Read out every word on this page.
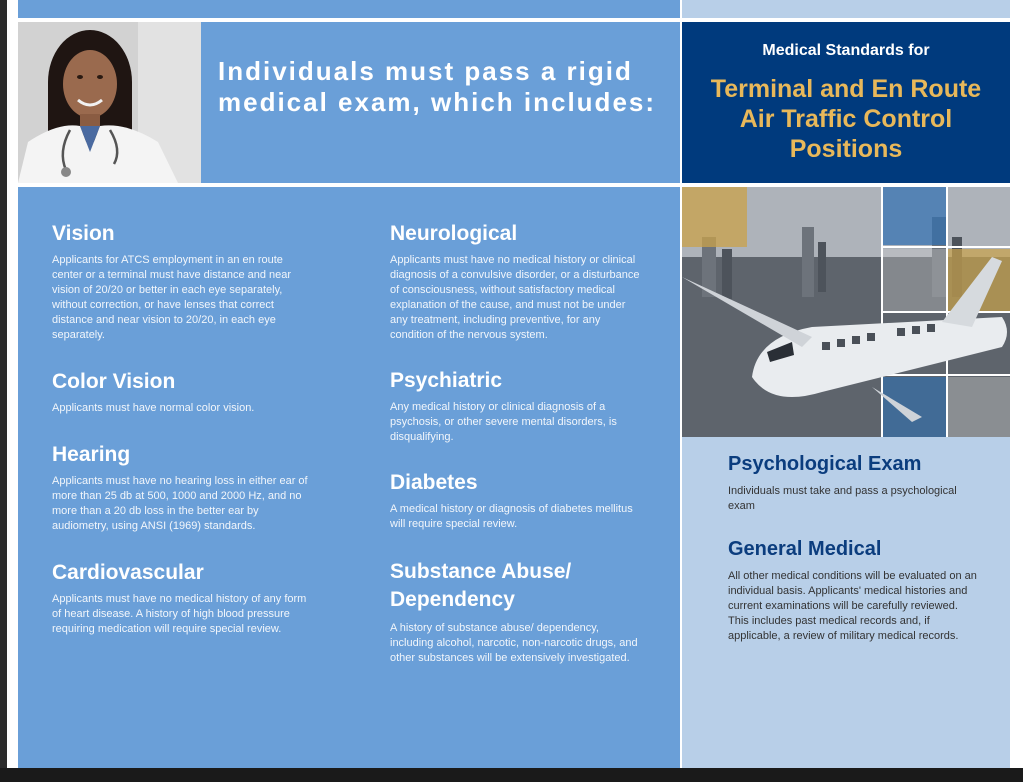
Individuals must pass a rigid medical exam, which includes:

Medical Standards for

Terminal and En Route Air Traffic Control Positions

Vision

Applicants for ATCS employment in an en route center or a terminal must have distance and near vision of 20/20 or better in each eye separately, without correction, or have lenses that correct distance and near vision to 20/20, in each eye separately.

Color Vision

Applicants must have normal color vision.

Hearing

Applicants must have no hearing loss in either ear of more than 25 db at 500, 1000 and 2000 Hz, and no more than a 20 db loss in the better ear by audiometry, using ANSI (1969) standards.

Cardiovascular

Applicants must have no medical history of any form of heart disease. A history of high blood pressure requiring medication will require special review.

Neurological

Applicants must have no medical history or clinical diagnosis of a convulsive disorder, or a disturbance of consciousness, without satisfactory medical explanation of the cause, and must not be under any treatment, including preventive, for any condition of the nervous system.

Psychiatric

Any medical history or clinical diagnosis of a psychosis, or other severe mental disorders, is disqualifying.

Diabetes

A medical history or diagnosis of diabetes mellitus will require special review.

Substance Abuse/ Dependency

A history of substance abuse/ dependency, including alcohol, narcotic, non-narcotic drugs, and other substances will be extensively investigated.

Psychological Exam

Individuals must take and pass a psychological exam

General Medical

All other medical conditions will be evaluated on an individual basis. Applicants' medical histories and current examinations will be carefully reviewed. This includes past medical records and, if applicable, a review of military medical records.
